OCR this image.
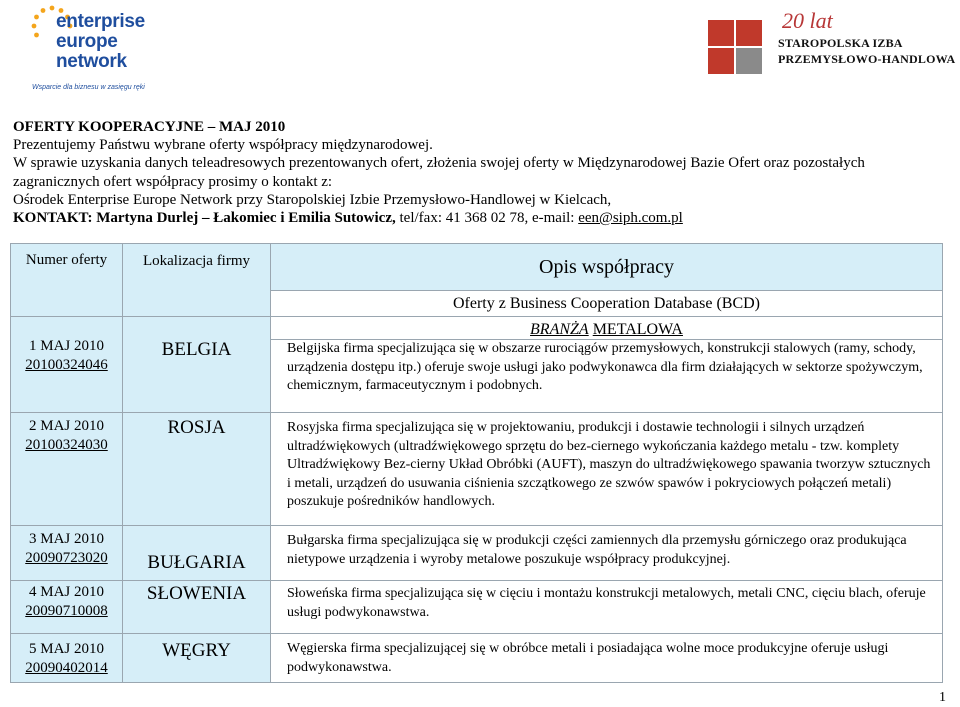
enterprise
europe
network
Wsparcie dla biznesu w zasięgu ręki
20 lat
STAROPOLSKA IZBA
PRZEMYSŁOWO-HANDLOWA
OFERTY KOOPERACYJNE – MAJ 2010
Prezentujemy Państwu wybrane oferty współpracy międzynarodowej.
W sprawie uzyskania danych teleadresowych prezentowanych ofert, złożenia swojej oferty w Międzynarodowej Bazie Ofert oraz pozostałych zagranicznych ofert współpracy prosimy o kontakt z:
Ośrodek Enterprise Europe Network przy Staropolskiej Izbie Przemysłowo-Handlowej w Kielcach,
KONTAKT: Martyna Durlej – Łakomiec i Emilia Sutowicz, tel/fax: 41 368 02 78, e-mail: een@siph.com.pl
Numer oferty	Lokalizacja firmy	Opis współpracy
		Oferty z Business Cooperation Database (BCD)

1 MAJ 2010
20100324046	BELGIA	BRANŻA METALOWA
		Belgijska firma specjalizująca się w obszarze rurociągów przemysłowych, konstrukcji stalowych (ramy, schody, urządzenia dostępu itp.) oferuje swoje usługi jako podwykonawca dla firm działających w sektorze spożywczym, chemicznym, farmaceutycznym i podobnych.

2 MAJ 2010
20100324030	ROSJA	Rosyjska firma specjalizująca się w projektowaniu, produkcji i dostawie technologii i silnych urządzeń ultradźwiękowych (ultradźwiękowego sprzętu do bez-ciernego wykończania każdego metalu - tzw. komplety Ultradźwiękowy Bez-cierny Układ Obróbki (AUFT), maszyn do ultradźwiękowego spawania tworzyw sztucznych i metali, urządzeń do usuwania ciśnienia szczątkowego ze szwów spawów i pokryciowych połączeń metali) poszukuje pośredników handlowych.

3 MAJ 2010
20090723020	BUŁGARIA	Bułgarska firma specjalizująca się w produkcji części zamiennych dla przemysłu górniczego oraz produkująca nietypowe urządzenia i wyroby metalowe poszukuje współpracy produkcyjnej.

4 MAJ 2010
20090710008	SŁOWENIA	Słoweńska firma specjalizująca się w cięciu i montażu konstrukcji metalowych, metali CNC, cięciu blach, oferuje usługi podwykonawstwa.

5 MAJ 2010
20090402014	WĘGRY	Węgierska firma specjalizującej się w obróbce metali i posiadająca wolne moce produkcyjne oferuje usługi podwykonawstwa.
1
